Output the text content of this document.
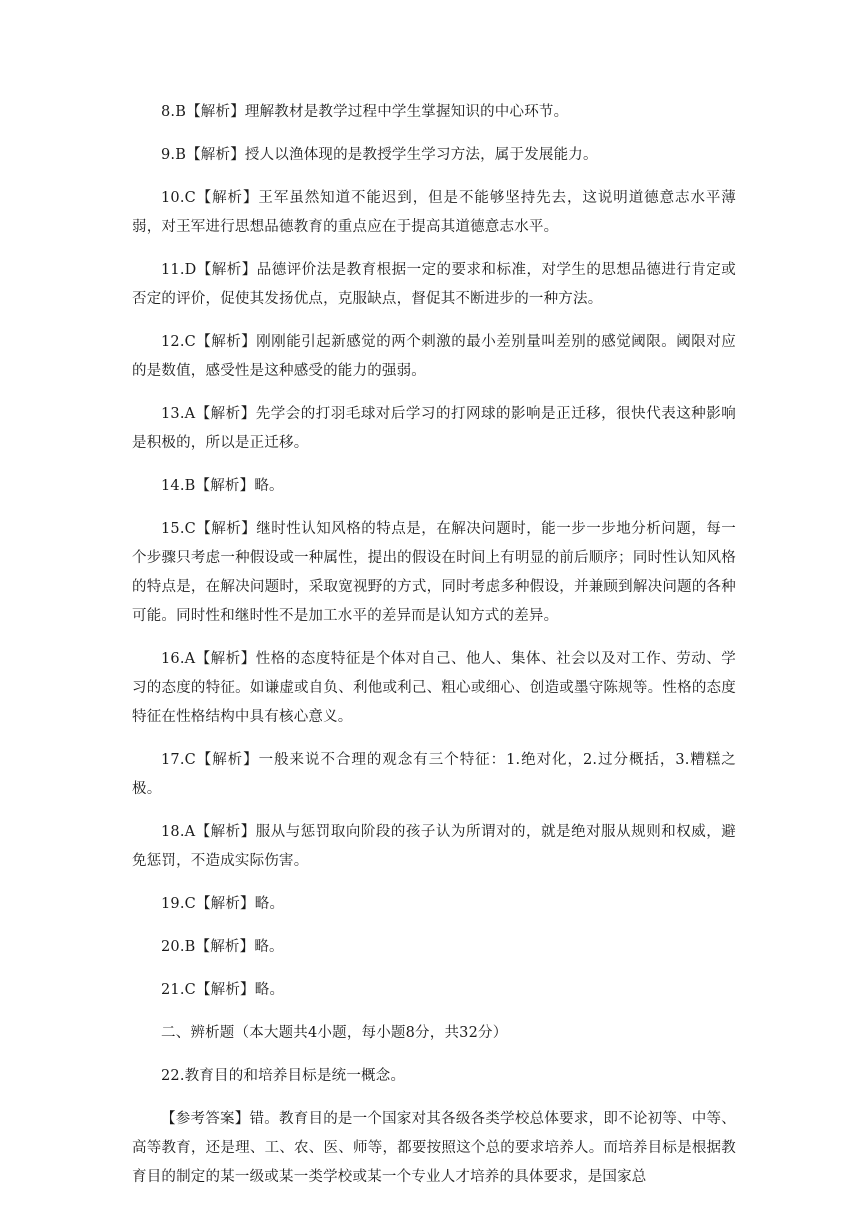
8.B【解析】理解教材是教学过程中学生掌握知识的中心环节。

9.B【解析】授人以渔体现的是教授学生学习方法，属于发展能力。

10.C【解析】王军虽然知道不能迟到，但是不能够坚持先去，这说明道德意志水平薄弱，对王军进行思想品德教育的重点应在于提高其道德意志水平。

11.D【解析】品德评价法是教育根据一定的要求和标准，对学生的思想品德进行肯定或否定的评价，促使其发扬优点，克服缺点，督促其不断进步的一种方法。

12.C【解析】刚刚能引起新感觉的两个刺激的最小差别量叫差别的感觉阈限。阈限对应的是数值，感受性是这种感受的能力的强弱。

13.A【解析】先学会的打羽毛球对后学习的打网球的影响是正迁移，很快代表这种影响是积极的，所以是正迁移。

14.B【解析】略。

15.C【解析】继时性认知风格的特点是，在解决问题时，能一步一步地分析问题，每一个步骤只考虑一种假设或一种属性，提出的假设在时间上有明显的前后顺序；同时性认知风格的特点是，在解决问题时，采取宽视野的方式，同时考虑多种假设，并兼顾到解决问题的各种可能。同时性和继时性不是加工水平的差异而是认知方式的差异。

16.A【解析】性格的态度特征是个体对自己、他人、集体、社会以及对工作、劳动、学习的态度的特征。如谦虚或自负、利他或利己、粗心或细心、创造或墨守陈规等。性格的态度特征在性格结构中具有核心意义。

17.C【解析】一般来说不合理的观念有三个特征：1.绝对化，2.过分概括，3.糟糕之极。

18.A【解析】服从与惩罚取向阶段的孩子认为所谓对的，就是绝对服从规则和权威，避免惩罚，不造成实际伤害。

19.C【解析】略。

20.B【解析】略。

21.C【解析】略。

二、辨析题（本大题共4小题，每小题8分，共32分）

22.教育目的和培养目标是统一概念。

【参考答案】错。教育目的是一个国家对其各级各类学校总体要求，即不论初等、中等、高等教育，还是理、工、农、医、师等，都要按照这个总的要求培养人。而培养目标是根据教育目的制定的某一级或某一类学校或某一个专业人才培养的具体要求，是国家总
